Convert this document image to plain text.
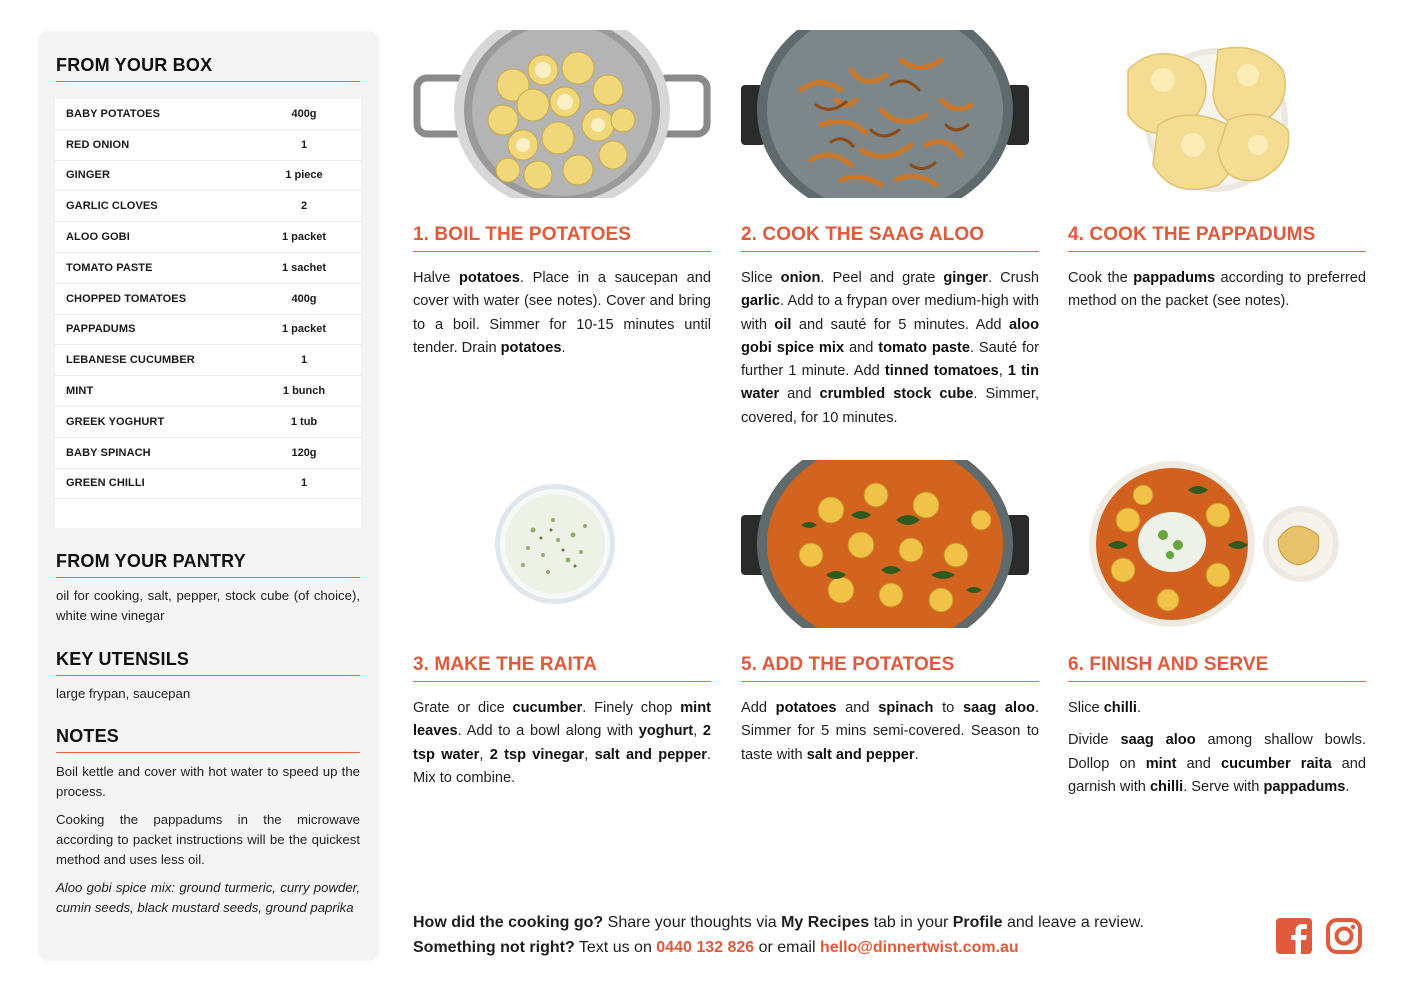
FROM YOUR BOX
BABY POTATOES	400g
RED ONION	1
GINGER	1 piece
GARLIC CLOVES	2
ALOO GOBI	1 packet
TOMATO PASTE	1 sachet
CHOPPED TOMATOES	400g
PAPPADUMS	1 packet
LEBANESE CUCUMBER	1
MINT	1 bunch
GREEK YOGHURT	1 tub
BABY SPINACH	120g
GREEN CHILLI	1
FROM YOUR PANTRY
oil for cooking, salt, pepper, stock cube (of choice), white wine vinegar
KEY UTENSILS
large frypan, saucepan
NOTES

Boil kettle and cover with hot water to speed up the process.

Cooking the pappadums in the microwave according to packet instructions will be the quickest method and uses less oil.

Aloo gobi spice mix: ground turmeric, curry powder, cumin seeds, black mustard seeds, ground paprika

1. BOIL THE POTATOES	2. COOK THE SAAG ALOO	4. COOK THE PAPPADUMS
3. MAKE THE RAITA	5. ADD THE POTATOES	6. FINISH AND SERVE

Halve potatoes. Place in a saucepan and cover with water (see notes). Cover and bring to a boil. Simmer for 10-15 minutes until tender. Drain potatoes.

Slice onion. Peel and grate ginger. Crush garlic. Add to a frypan over medium-high with with oil and sauté for 5 minutes. Add aloo gobi spice mix and tomato paste. Sauté for further 1 minute. Add tinned tomatoes, 1 tin water and crumbled stock cube. Simmer, covered, for 10 minutes.

Cook the pappadums according to preferred method on the packet (see notes).

Grate or dice cucumber. Finely chop mint leaves. Add to a bowl along with yoghurt, 2 tsp water, 2 tsp vinegar, salt and pepper. Mix to combine.

Add potatoes and spinach to saag aloo. Simmer for 5 mins semi-covered. Season to taste with salt and pepper.

Slice chilli.

Divide saag aloo among shallow bowls. Dollop on mint and cucumber raita and garnish with chilli. Serve with pappadums.

How did the cooking go? Share your thoughts via My Recipes tab in your Profile and leave a review.
Something not right? Text us on 0440 132 826 or email hello@dinnertwist.com.au
